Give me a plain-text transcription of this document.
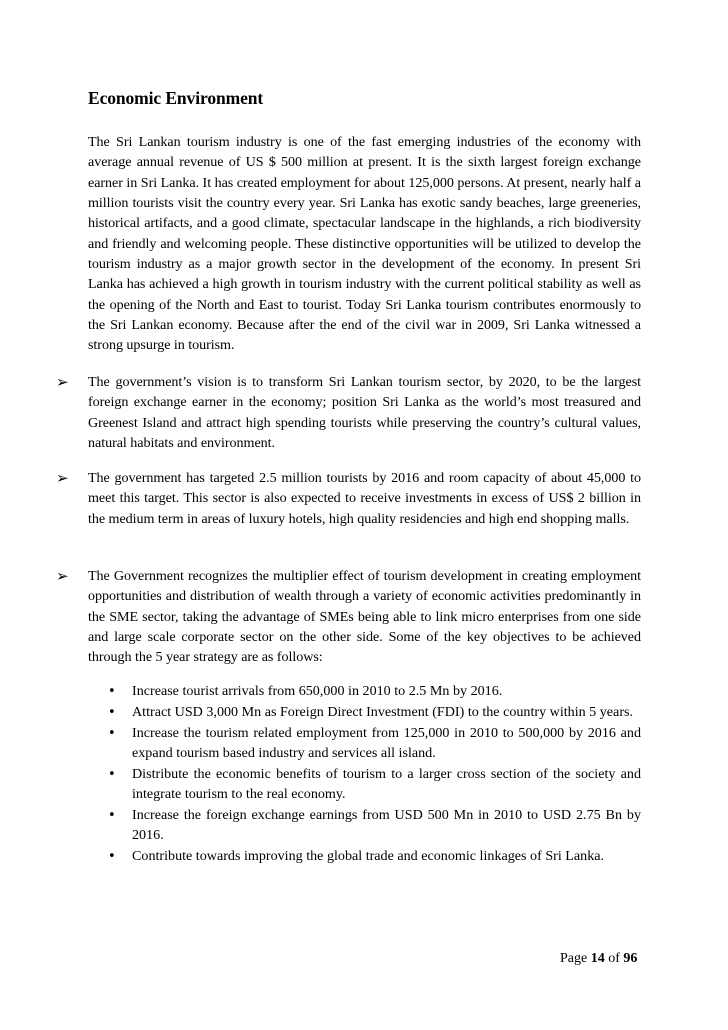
Economic Environment
The Sri Lankan tourism industry is one of the fast emerging industries of the economy with average annual revenue of US $ 500 million at present. It is the sixth largest foreign exchange earner in Sri Lanka. It has created employment for about 125,000 persons. At present, nearly half a million tourists visit the country every year. Sri Lanka has exotic sandy beaches, large greeneries, historical artifacts, and a good climate, spectacular landscape in the highlands, a rich biodiversity and friendly and welcoming people. These distinctive opportunities will be utilized to develop the tourism industry as a major growth sector in the development of the economy. In present Sri Lanka has achieved a high growth in tourism industry with the current political stability as well as the opening of the North and East to tourist. Today Sri Lanka tourism contributes enormously to the Sri Lankan economy. Because after the end of the civil war in 2009, Sri Lanka witnessed a strong upsurge in tourism.
➢ The government’s vision is to transform Sri Lankan tourism sector, by 2020, to be the largest foreign exchange earner in the economy; position Sri Lanka as the world’s most treasured and Greenest Island and attract high spending tourists while preserving the country’s cultural values, natural habitats and environment.
➢ The government has targeted 2.5 million tourists by 2016 and room capacity of about 45,000 to meet this target. This sector is also expected to receive investments in excess of US$ 2 billion in the medium term in areas of luxury hotels, high quality residencies and high end shopping malls.
➢ The Government recognizes the multiplier effect of tourism development in creating employment opportunities and distribution of wealth through a variety of economic activities predominantly in the SME sector, taking the advantage of SMEs being able to link micro enterprises from one side and large scale corporate sector on the other side. Some of the key objectives to be achieved through the 5 year strategy are as follows:
• Increase tourist arrivals from 650,000 in 2010 to 2.5 Mn by 2016.
• Attract USD 3,000 Mn as Foreign Direct Investment (FDI) to the country within 5 years.
• Increase the tourism related employment from 125,000 in 2010 to 500,000 by 2016 and expand tourism based industry and services all island.
• Distribute the economic benefits of tourism to a larger cross section of the society and integrate tourism to the real economy.
• Increase the foreign exchange earnings from USD 500 Mn in 2010 to USD 2.75 Bn by 2016.
• Contribute towards improving the global trade and economic linkages of Sri Lanka.
Page 14 of 96
